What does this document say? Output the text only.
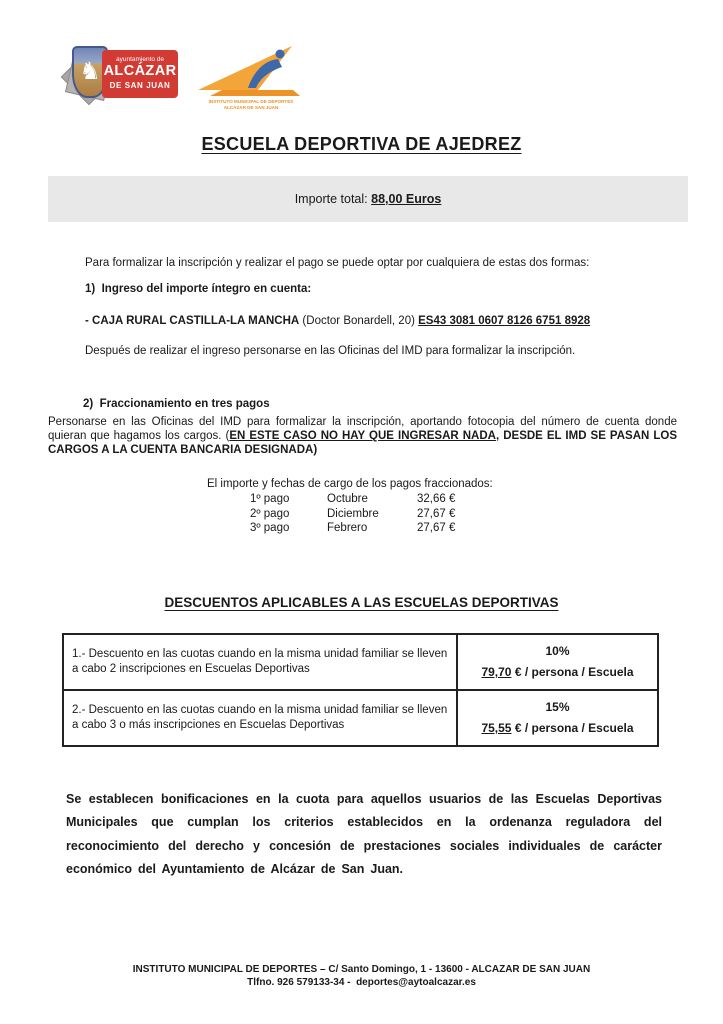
♞	ayuntamiento de
ALCÁZAR
DE SAN JUAN
INSTITUTO MUNICIPAL DE DEPORTES
ALCÁZAR DE SAN JUAN
ESCUELA DEPORTIVA DE AJEDREZ
Importe total: 88,00 Euros

Para formalizar la inscripción y realizar el pago se puede optar por cualquiera de estas dos formas:

1)  Ingreso del importe íntegro en cuenta:

- CAJA RURAL CASTILLA-LA MANCHA (Doctor Bonardell, 20) ES43 3081 0607 8126 6751 8928

Después de realizar el ingreso personarse en las Oficinas del IMD para formalizar la inscripción.

2)  Fraccionamiento en tres pagos

Personarse en las Oficinas del IMD para formalizar la inscripción, aportando fotocopia del número de cuenta donde quieran que hagamos los cargos. (EN ESTE CASO NO HAY QUE INGRESAR NADA, DESDE EL IMD SE PASAN LOS CARGOS A LA CUENTA BANCARIA DESIGNADA)

El importe y fechas de cargo de los pagos fraccionados:
1º pago	Octubre	32,66 €
2º pago	Diciembre	27,67 €
3º pago	Febrero	27,67 €
DESCUENTOS APLICABLES A LAS ESCUELAS DEPORTIVAS
1.- Descuento en las cuotas cuando en la misma unidad familiar se lleven a cabo 2 inscripciones en Escuelas Deportivas	10%
79,70 € / persona / Escuela

2.- Descuento en las cuotas cuando en la misma unidad familiar se lleven a cabo 3 o más inscripciones en Escuelas Deportivas	15%
75,55 € / persona / Escuela

Se establecen bonificaciones en la cuota para aquellos usuarios de las Escuelas Deportivas Municipales que cumplan los criterios establecidos en la ordenanza reguladora del reconocimiento del derecho y concesión de prestaciones sociales individuales de carácter económico del Ayuntamiento de Alcázar de San Juan.

INSTITUTO MUNICIPAL DE DEPORTES – C/ Santo Domingo, 1 - 13600 - ALCAZAR DE SAN JUAN
Tlfno. 926 579133-34 -  deportes@aytoalcazar.es
